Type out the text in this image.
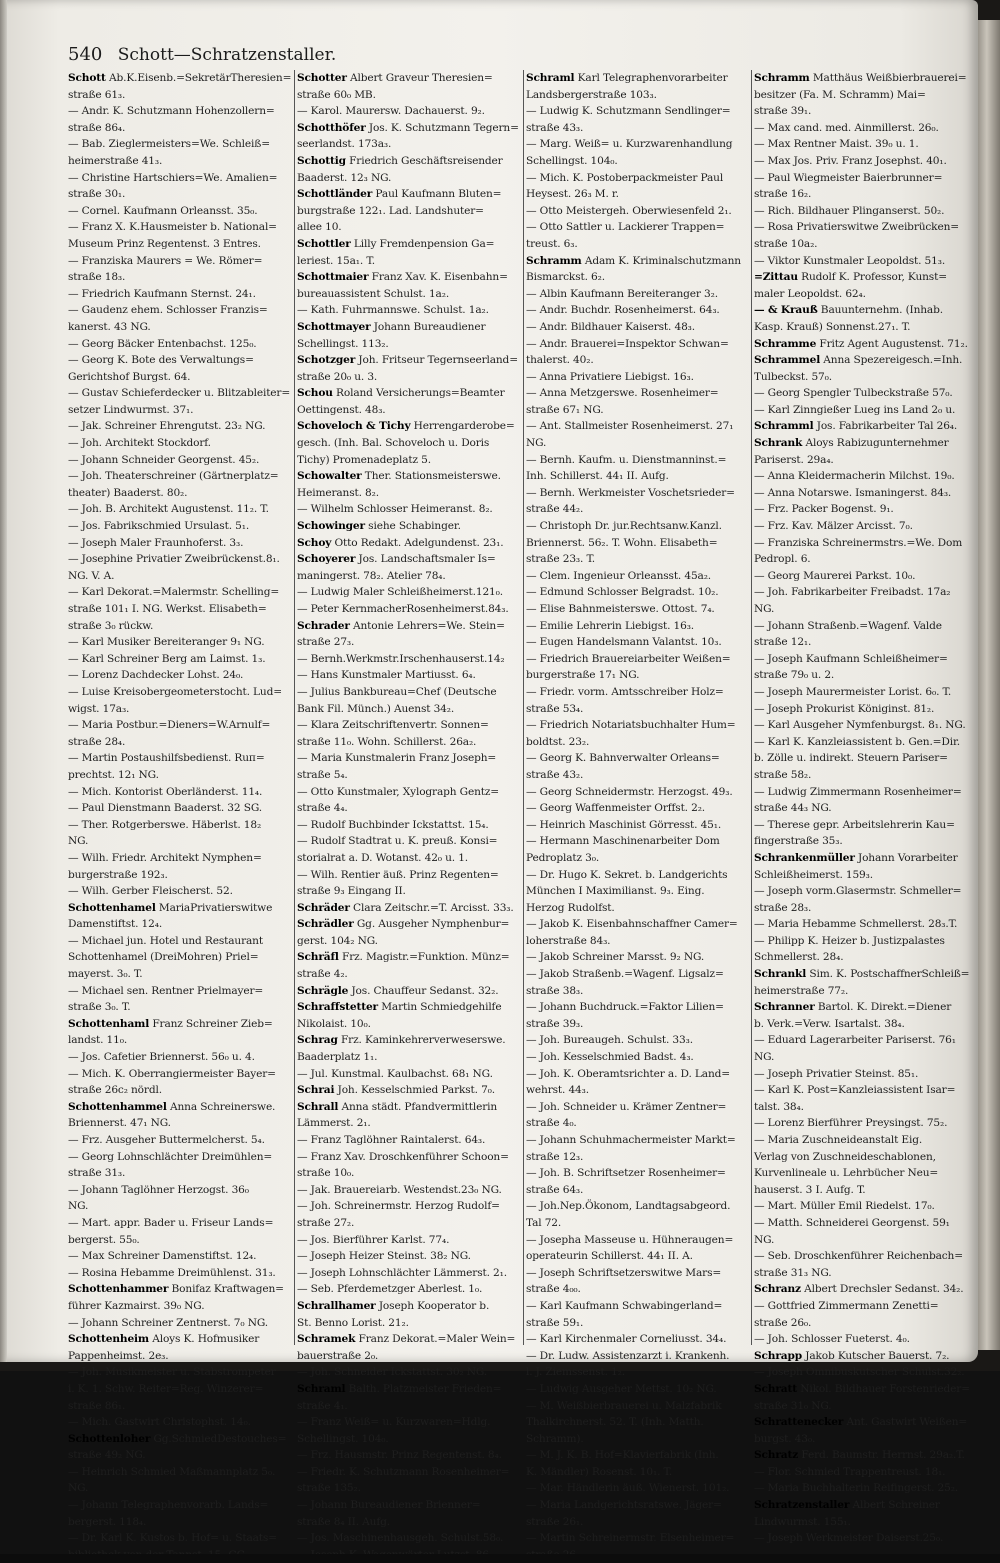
540 Schott—Schratzenstaller.
Schott Ab.K.Eisenb.=SekretärTheresien=
straße 61₃.
— Andr. K. Schutzmann Hohenzollern=
straße 86₄.
— Bab. Zieglermeisters=We. Schleiß=
heimerstraße 41₃.
— Christine Hartschiers=We. Amalien=
straße 30₁.
— Cornel. Kaufmann Orleansst. 35₀.
— Franz X. K.Hausmeister b. National=
Museum Prinz Regentenst. 3 Entres.
— Franziska Maurers = We. Römer=
straße 18₃.
— Friedrich Kaufmann Sternst. 24₁.
— Gaudenz ehem. Schlosser Franzis=
kanerst. 43 NG.
— Georg Bäcker Entenbachst. 125₀.
— Georg K. Bote des Verwaltungs=
Gerichtshof Burgst. 64.
— Gustav Schieferdecker u. Blitzableiter=
setzer Lindwurmst. 37₁.
— Jak. Schreiner Ehrengutst. 23₂ NG.
— Joh. Architekt Stockdorf.
— Johann Schneider Georgenst. 45₂.
— Joh. Theaterschreiner (Gärtnerplatz=
theater) Baaderst. 80₂.
— Joh. B. Architekt Augustenst. 11₂. T.
— Jos. Fabrikschmied Ursulast. 5₁.
— Joseph Maler Fraunhoferst. 3₃.
— Josephine Privatier Zweibrückenst.8₁.
NG. V. A.
— Karl Dekorat.=Malermstr. Schelling=
straße 101₁ I. NG. Werkst. Elisabeth=
straße 3₀ rückw.
— Karl Musiker Bereiteranger 9₁ NG.
— Karl Schreiner Berg am Laimst. 1₃.
— Lorenz Dachdecker Lohst. 24₀.
— Luise Kreisobergeometerstocht. Lud=
wigst. 17a₃.
— Maria Postbur.=Dieners=W.Arnulf=
straße 28₄.
— Martin Postaushilfsbedienst. Ruп=
prechtst. 12₁ NG.
— Mich. Kontorist Oberländerst. 11₄.
— Paul Dienstmann Baaderst. 32 SG.
— Ther. Rotgerberswe. Häberlst. 18₂
NG.
— Wilh. Friedr. Architekt Nymphen=
burgerstraße 192₃.
— Wilh. Gerber Fleischerst. 52.
Schottenhamel MariaPrivatierswitwe
Damenstiftst. 12₄.
— Michael jun. Hotel und Restaurant
Schottenhamel (DreiMohren) Priel=
mayerst. 3₀. T.
— Michael sen. Rentner Prielmayer=
straße 3₀. T.
Schottenhaml Franz Schreiner Zieb=
landst. 11₀.
— Jos. Cafetier Briennerst. 56₀ u. 4.
— Mich. K. Oberrangiermeister Bayer=
straße 26c₂ nördl.
Schottenhammel Anna Schreinerswe.
Briennerst. 47₁ NG.
— Frz. Ausgeher Buttermelcherst. 5₄.
— Georg Lohnschlächter Dreimühlen=
straße 31₃.
— Johann Taglöhner Herzogst. 36₀
NG.
— Mart. appr. Bader u. Friseur Lands=
bergerst. 55₀.
— Max Schreiner Damenstiftst. 12₄.
— Rosina Hebamme Dreimühlenst. 31₃.
Schottenhammer Bonifaz Kraftwagen=
führer Kazmairst. 39₀ NG.
— Johann Schreiner Zentnerst. 7₀ NG.
Schottenheim Aloys K. Hofmusiker
Pappenheimst. 2e₃.
— Joh. Musikmeister u. Stabstrompeter
i. K. 1. Schw. Reiter=Reg. Winzerer=
straße 86₁.
— Mich. Gastwirt Christophst. 14₀.
Schottenloher Gg.SchmiedDestouches=
straße 49₂ NG.
— Heinrich Schmied Maßmannplatz 5₀.
NG.
— Johann Telegraphenvorarb. Lands=
bergerst. 118₄.
— Dr. Karl K. Kustos b. Hof= u. Staats=
Schotter Albert Graveur Theresien=
straße 60₀ MB.
— Karol. Maurersw. Dachauerst. 9₂.
Schotthöfer Jos. K. Schutzmann Tegern=
seerlandst. 173a₃.
Schottig Friedrich Geschäftsreisender
Baaderst. 12₃ NG.
Schottländer Paul Kaufmann Bluten=
burgstraße 122₁. Lad. Landshuter=
allee 10.
Schottler Lilly Fremdenpension Ga=
leriest. 15a₁. T.
Schottmaier Franz Xav. K. Eisenbahn=
bureauassistent Schulst. 1a₂.
— Kath. Fuhrmannswe. Schulst. 1a₂.
Schottmayer Johann Bureaudiener
Schellingst. 113₂.
Schotzger Joh. Fritseur Tegernseerland=
straße 20₀ u. 3.
Schou Roland Versicherungs=Beamter
Oettingenst. 48₃.
Schoveloch & Tichy Herrengarderobe=
gesch. (Inh. Bal. Schoveloch u. Doris
Tichy) Promenadeplatz 5.
Schowalter Ther. Stationsmeisterswe.
Heimeranst. 8₂.
— Wilhelm Schlosser Heimeranst. 8₂.
Schowinger siehe Schabinger.
Schoy Otto Redakt. Adelgundenst. 23₁.
Schoyerer Jos. Landschaftsmaler Is=
maningerst. 78₂. Atelier 78₄.
— Ludwig Maler Schleißheimerst.121₀.
— Peter KernmacherRosenheimerst.84₃.
Schrader Antonie Lehrers=We. Stein=
straße 27₃.
— Bernh.Werkmstr.Irschenhauserst.14₂
— Hans Kunstmaler Martiusst. 6₄.
— Julius Bankbureau=Chef (Deutsche
Bank Fil. Münch.) Auenst 34₂.
— Klara Zeitschriftenvertr. Sonnen=
straße 11₀. Wohn. Schillerst. 26a₂.
— Maria Kunstmalerin Franz Joseph=
straße 5₄.
— Otto Kunstmaler, Xylograph Gentz=
straße 4₄.
— Rudolf Buchbinder Ickstattst. 15₄.
— Rudolf Stadtrat u. K. preuß. Konsi=
storialrat a. D. Wotanst. 42₀ u. 1.
— Wilh. Rentier äuß. Prinz Regenten=
straße 9₃ Eingang II.
Schräder Clara Zeitschr.=T. Arcisst. 33₃.
Schrädler Gg. Ausgeher Nymphenbur=
gerst. 104₂ NG.
Schräfl Frz. Magistr.=Funktion. Münz=
straße 4₂.
Schrägle Jos. Chauffeur Sedanst. 32₂.
Schraffstetter Martin Schmiedgehilfe
Nikolaist. 10₀.
Schrag Frz. Kaminkehrerverweserswe.
Baaderplatz 1₁.
— Jul. Kunstmal. Kaulbachst. 68₁ NG.
Schrai Joh. Kesselschmied Parkst. 7₀.
Schrall Anna städt. Pfandvermittlerin
Lämmerst. 2₁.
— Franz Taglöhner Raintalerst. 64₃.
— Franz Xav. Droschkenführer Schoon=
straße 10₀.
— Jak. Brauereiarb. Westendst.23₀ NG.
— Joh. Schreinermstr. Herzog Rudolf=
straße 27₂.
— Jos. Bierführer Karlst. 77₄.
— Joseph Heizer Steinst. 38₂ NG.
— Joseph Lohnschlächter Lämmerst. 2₁.
— Seb. Pferdemetzger Aberlest. 1₀.
Schrallhamer Joseph Kooperator b.
St. Benno Lorist. 21₂.
Schramek Franz Dekorat.=Maler Wein=
bauerstraße 2₀.
— Joh. Schneider Ickstattst. 30₂ NG.
Schraml Balth. Platzmeister Frieden=
straße 4₁.
— Franz Weiß= u. Kurzwaren=Hdlg.
Schellingst. 104₀.
— Frz. Hausmstr. Prinz Regentenst. 8₄.
— Friedr. K. Schutzmann Rosenheimer=
straße 135₂.
— Johann Bureaudiener Brienner=
straße 8₄ II. Aufg.
— Jos. Maschinenhausgeh. Schulst.58₀.
Schraml Karl Telegraphenvorarbeiter
Landsbergerstraße 103₃.
— Ludwig K. Schutzmann Sendlinger=
straße 43₃.
— Marg. Weiß= u. Kurzwarenhandlung
Schellingst. 104₀.
— Mich. K. Postoberpackmeister Paul
Heysest. 26₃ M. r.
— Otto Meistergeh. Oberwiesenfeld 2₁.
— Otto Sattler u. Lackierer Trappen=
treust. 6₃.
Schramm Adam K. Kriminalschutzmann
Bismarckst. 6₂.
— Albin Kaufmann Bereiteranger 3₂.
— Andr. Buchdr. Rosenheimerst. 64₃.
— Andr. Bildhauer Kaiserst. 48₃.
— Andr. Brauerei=Inspektor Schwan=
thalerst. 40₂.
— Anna Privatiere Liebigst. 16₃.
— Anna Metzgerswe. Rosenheimer=
straße 67₁ NG.
— Ant. Stallmeister Rosenheimerst. 27₁
NG.
— Bernh. Kaufm. u. Dienstmanninst.=
Inh. Schillerst. 44₁ II. Aufg.
— Bernh. Werkmeister Voschetsrieder=
straße 44₂.
— Christoph Dr. jur.Rechtsanw.Kanzl.
Briennerst. 56₂. T. Wohn. Elisabeth=
straße 23₃. T.
— Clem. Ingenieur Orleansst. 45a₂.
— Edmund Schlosser Belgradst. 10₂.
— Elise Bahnmeisterswe. Ottost. 7₄.
— Emilie Lehrerin Liebigst. 16₃.
— Eugen Handelsmann Valantst. 10₃.
— Friedrich Brauereiarbeiter Weißen=
burgerstraße 17₁ NG.
— Friedr. vorm. Amtsschreiber Holz=
straße 53₄.
— Friedrich Notariatsbuchhalter Hum=
boldtst. 23₂.
— Georg K. Bahnverwalter Orleans=
straße 43₂.
— Georg Schneidermstr. Herzogst. 49₃.
— Georg Waffenmeister Orffst. 2₂.
— Heinrich Maschinist Görresst. 45₁.
— Hermann Maschinenarbeiter Dom
Pedroplatz 3₀.
— Dr. Hugo K. Sekret. b. Landgerichts
München I Maximilianst. 9₃. Eing.
Herzog Rudolfst.
— Jakob K. Eisenbahnschaffner Camer=
loherstraße 84₃.
— Jakob Schreiner Marsst. 9₂ NG.
— Jakob Straßenb.=Wagenf. Ligsalz=
straße 38₃.
— Johann Buchdruck.=Faktor Lilien=
straße 39₃.
— Joh. Bureaugeh. Schulst. 33₃.
— Joh. Kesselschmied Badst. 4₃.
— Joh. K. Oberamtsrichter a. D. Land=
wehrst. 44₃.
— Joh. Schneider u. Krämer Zentner=
straße 4₀.
— Johann Schuhmachermeister Markt=
straße 12₃.
— Joh. B. Schriftsetzer Rosenheimer=
straße 64₃.
— Joh.Nep.Ökonom, Landtagsabgeord.
Tal 72.
— Josepha Masseuse u. Hühneraugen=
operateurin Schillerst. 44₁ II. A.
— Joseph Schriftsetzerswitwe Mars=
straße 4₀₀.
— Karl Kaufmann Schwabingerland=
straße 59₁.
— Karl Kirchenmaler Corneliusst. 34₄.
— Dr. Ludw. Assistenzarzt i. Krankenh.
l. J. Ziemssenst. 1₂.
— Ludwig Ausgeher Mettst. 10₂ NG.
— M. Weißbierbrauerei u. Malzfabrik
Thalkirchnerst. 52. T. (Inh. Matth.
Schramm).
— M. J. K. B. Hof=Klavierfabrik (Inh.
K. Mändler) Rosenst. 10₁. T.
— Mar. Händlerin äuß. Wienerst. 101₂.
— Maria Landgerichtsratswe. Jäger=
straße 26₁.
— Martin Schreinermstr. Elsenheimer=
Schramm Matthäus Weißbierbrauerei=
besitzer (Fa. M. Schramm) Mai=
straße 39₁.
— Max cand. med. Ainmillerst. 26₀.
— Max Rentner Maist. 39₀ u. 1.
— Max Jos. Priv. Franz Josephst. 40₁.
— Paul Wiegmeister Baierbrunner=
straße 16₂.
— Rich. Bildhauer Plinganserst. 50₂.
— Rosa Privatierswitwe Zweibrücken=
straße 10a₂.
— Viktor Kunstmaler Leopoldst. 51₃.
=Zittau Rudolf K. Professor, Kunst=
maler Leopoldst. 62₄.
— & Krauß Bauunternehm. (Inhab.
Kasp. Krauß) Sonnenst.27₁. T.
Schramme Fritz Agent Augustenst. 71₂.
Schrammel Anna Spezereigesch.=Inh.
Tulbeckst. 57₀.
— Georg Spengler Tulbeckstraße 57₀.
— Karl Zinngießer Lueg ins Land 2₀ u.
Schramml Jos. Fabrikarbeiter Tal 26₄.
Schrank Aloys Rabizugunternehmer
Pariserst. 29a₄.
— Anna Kleidermacherin Milchst. 19₀.
— Anna Notarswe. Ismaningerst. 84₃.
— Frz. Packer Bogenst. 9₁.
— Frz. Kav. Mälzer Arcisst. 7₀.
— Franziska Schreinermstrs.=We. Dom
Pedropl. 6.
— Georg Maurerei Parkst. 10₀.
— Joh. Fabrikarbeiter Freibadst. 17a₂
NG.
— Johann Straßenb.=Wagenf. Valde
straße 12₁.
— Joseph Kaufmann Schleißheimer=
straße 79₀ u. 2.
— Joseph Maurermeister Lorist. 6₀. T.
— Joseph Prokurist Königinst. 81₂.
— Karl Ausgeher Nymfenburgst. 8₁. NG.
— Karl K. Kanzleiassistent b. Gen.=Dir.
b. Zölle u. indirekt. Steuern Pariser=
straße 58₂.
— Ludwig Zimmermann Rosenheimer=
straße 44₃ NG.
— Therese gepr. Arbeitslehrerin Kau=
fingerstraße 35₃.
Schrankenmüller Johann Vorarbeiter
Schleißheimerst. 159₃.
— Joseph vorm.Glasermstr. Schmeller=
straße 28₃.
— Maria Hebamme Schmellerst. 28₃.T.
— Philipp K. Heizer b. Justizpalastes
Schmellerst. 28₄.
Schrankl Sim. K. PostschaffnerSchleiß=
heimerstraße 77₂.
Schranner Bartol. K. Direkt.=Diener
b. Verk.=Verw. Isartalst. 38₄.
— Eduard Lagerarbeiter Pariserst. 76₁
NG.
— Joseph Privatier Steinst. 85₁.
— Karl K. Post=Kanzleiassistent Isar=
talst. 38₄.
— Lorenz Bierführer Preysingst. 75₂.
— Maria Zuschneideanstalt Eig.
Verlag von Zuschneideschablonen,
Kurvenlineale u. Lehrbücher Neu=
hauserst. 3 I. Aufg. T.
— Mart. Müller Emil Riedelst. 17₀.
— Matth. Schneiderei Georgenst. 59₁
NG.
— Seb. Droschkenführer Reichenbach=
straße 31₃ NG.
Schranz Albert Drechsler Sedanst. 34₂.
— Gottfried Zimmermann Zenetti=
straße 26₀.
— Joh. Schlosser Fueterst. 4₀.
Schrapp Jakob Kutscher Bauerst. 7₂.
— Joseph Omnibuskutscher Schulst.32₂.
Schratt Nikol. Bildhauer Forstenrieder=
straße 31₀ NG.
Schrattenecker Ant. Gastwirt Weißen=
burgst. 43₀.
Schratz Ferd. Baumstr. Herrnst. 29a₂.T.
— Flor. Schmied Trappentreust. 18₁.
— Maria Buchhalterin Reifingerst. 25₂.
Schratzenstaller Albert Schreiner
Lindwurmst. 155₁.
— Joseph Werkmeister Daiserst.25₀.
